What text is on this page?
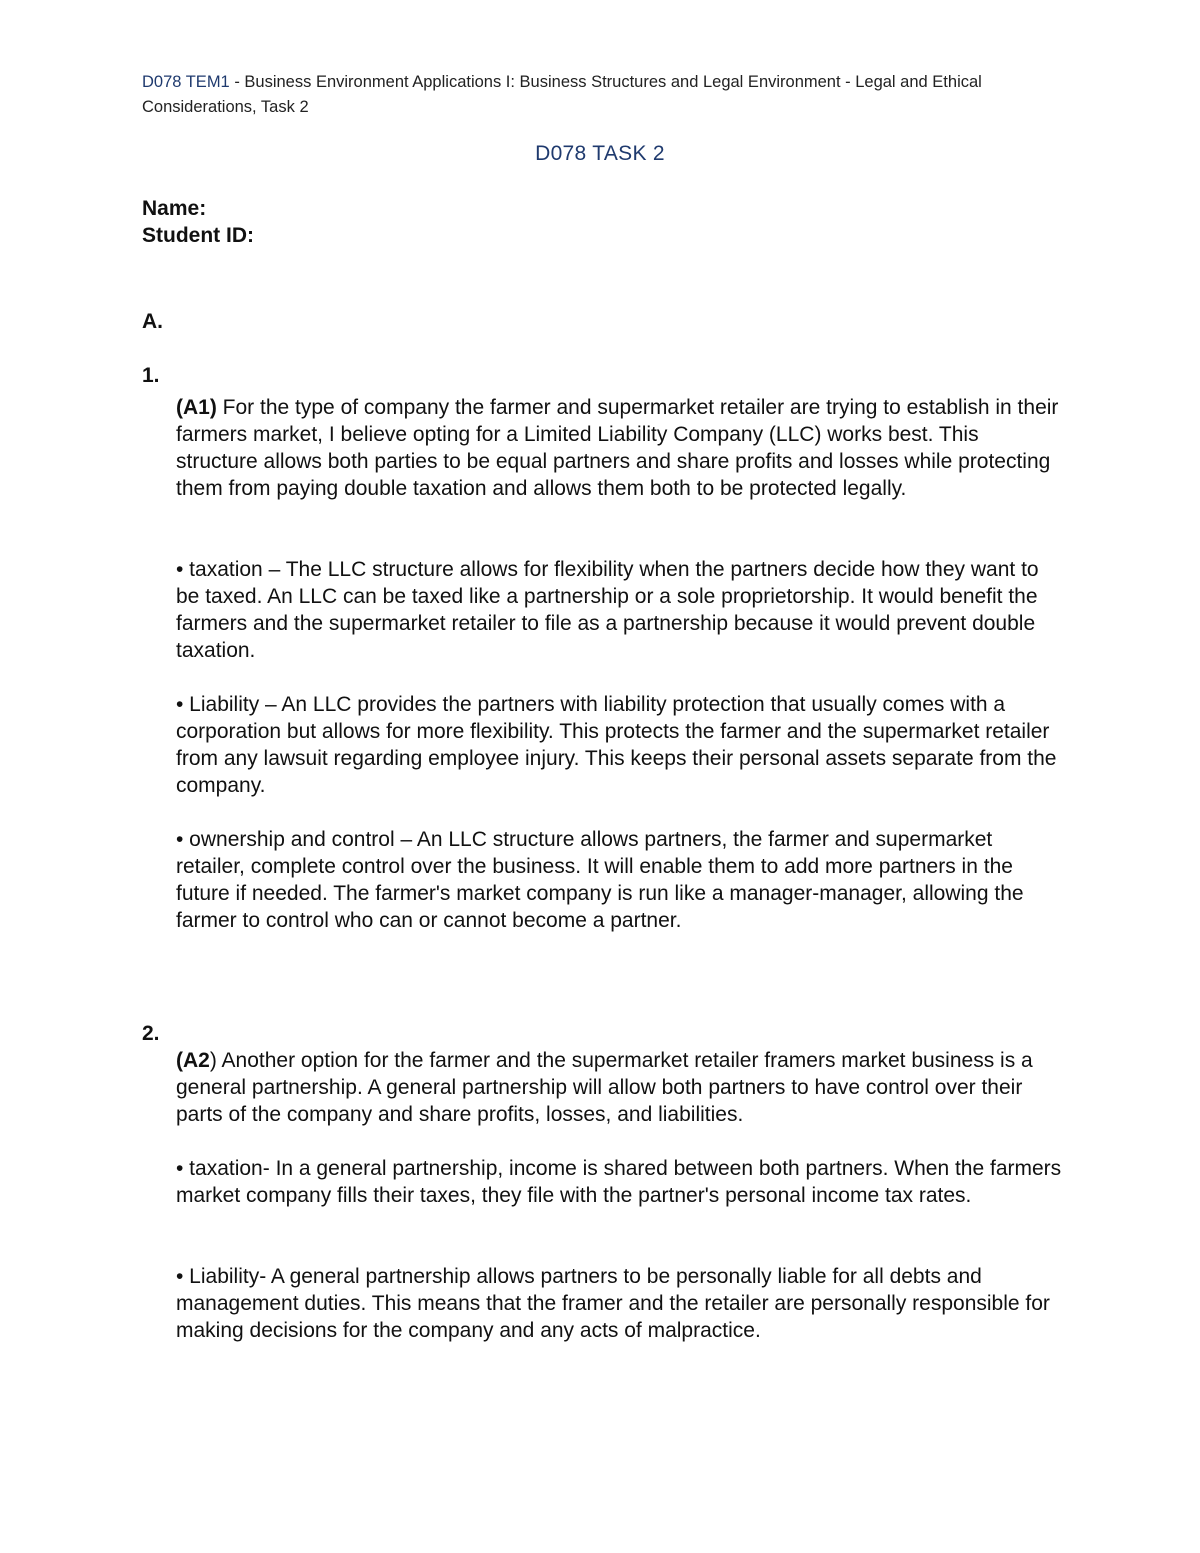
D078 TEM1 - Business Environment Applications I: Business Structures and Legal Environment - Legal and Ethical Considerations, Task 2
D078 TASK 2
Name:
Student ID:
A.
1.
(A1) For the type of company the farmer and supermarket retailer are trying to establish in their farmers market, I believe opting for a Limited Liability Company (LLC) works best. This structure allows both parties to be equal partners and share profits and losses while protecting them from paying double taxation and allows them both to be protected legally.
• taxation – The LLC structure allows for flexibility when the partners decide how they want to be taxed. An LLC can be taxed like a partnership or a sole proprietorship. It would benefit the farmers and the supermarket retailer to file as a partnership because it would prevent double taxation.
• Liability – An LLC provides the partners with liability protection that usually comes with a corporation but allows for more flexibility. This protects the farmer and the supermarket retailer from any lawsuit regarding employee injury. This keeps their personal assets separate from the company.
• ownership and control – An LLC structure allows partners, the farmer and supermarket retailer, complete control over the business. It will enable them to add more partners in the future if needed. The farmer's market company is run like a manager-manager, allowing the farmer to control who can or cannot become a partner.
2.
(A2) Another option for the farmer and the supermarket retailer framers market business is a general partnership. A general partnership will allow both partners to have control over their parts of the company and share profits, losses, and liabilities.
• taxation- In a general partnership, income is shared between both partners. When the farmers market company fills their taxes, they file with the partner's personal income tax rates.
• Liability- A general partnership allows partners to be personally liable for all debts and management duties. This means that the framer and the retailer are personally responsible for making decisions for the company and any acts of malpractice.
